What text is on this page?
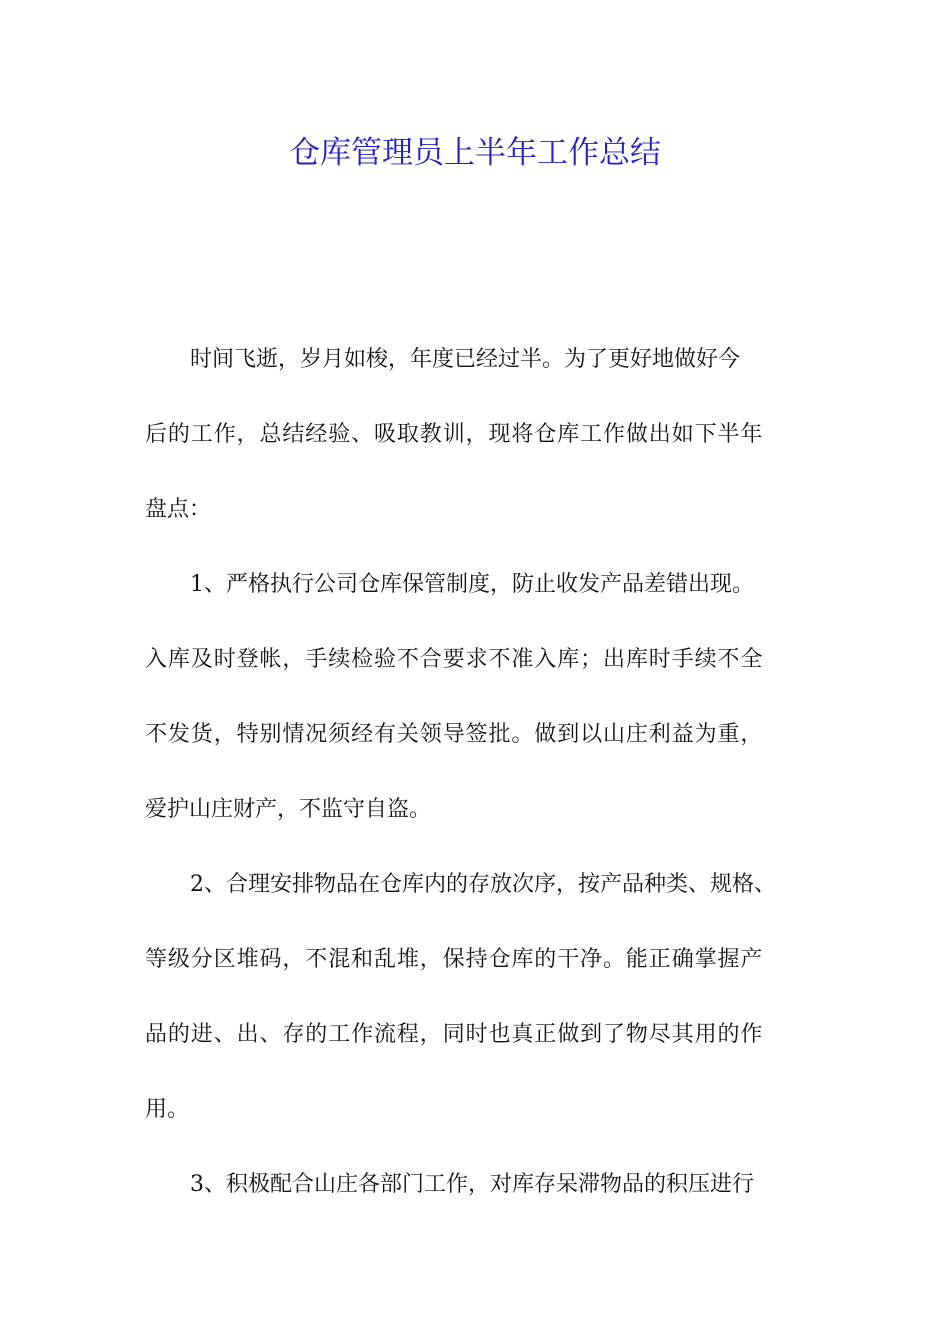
仓库管理员上半年工作总结
时间飞逝，岁月如梭，年度已经过半。为了更好地做好今
后的工作，总结经验、吸取教训，现将仓库工作做出如下半年
盘点：
1、严格执行公司仓库保管制度，防止收发产品差错出现。
入库及时登帐，手续检验不合要求不准入库；出库时手续不全
不发货，特别情况须经有关领导签批。做到以山庄利益为重，
爱护山庄财产，不监守自盗。
2、合理安排物品在仓库内的存放次序，按产品种类、规格、
等级分区堆码，不混和乱堆，保持仓库的干净。能正确掌握产
品的进、出、存的工作流程，同时也真正做到了物尽其用的作
用。
3、积极配合山庄各部门工作，对库存呆滞物品的积压进行
